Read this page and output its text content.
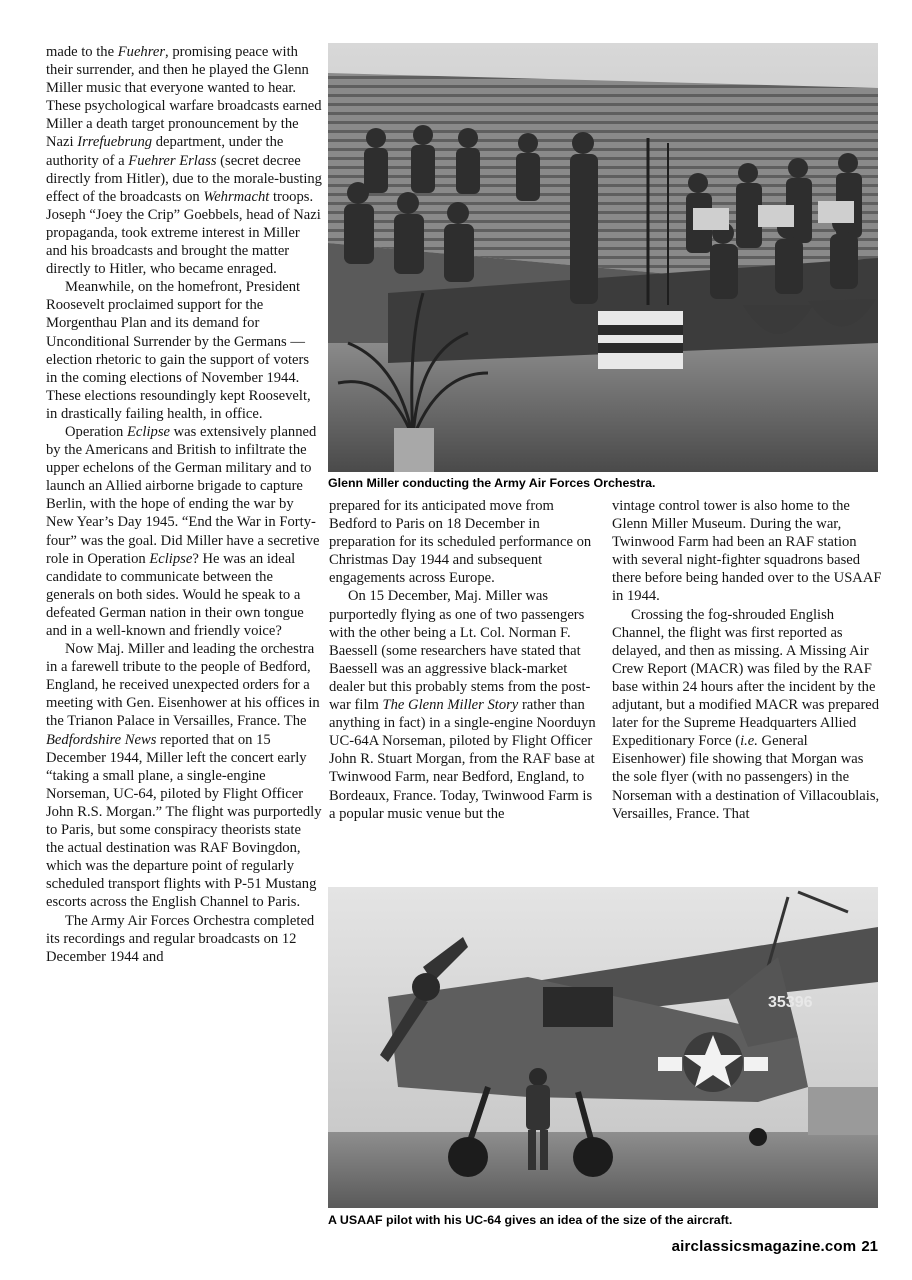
made to the Fuehrer, promising peace with their surrender, and then he played the Glenn Miller music that everyone wanted to hear. These psychological warfare broadcasts earned Miller a death target pronouncement by the Nazi Irrefuebrung department, under the authority of a Fuehrer Erlass (secret decree directly from Hitler), due to the morale-busting effect of the broadcasts on Wehrmacht troops. Joseph “Joey the Crip” Goebbels, head of Nazi propaganda, took extreme interest in Miller and his broadcasts and brought the matter directly to Hitler, who became enraged.

Meanwhile, on the homefront, President Roosevelt proclaimed support for the Morgenthau Plan and its demand for Unconditional Surrender by the Germans — election rhetoric to gain the support of voters in the coming elections of November 1944. These elections resoundingly kept Roosevelt, in drastically failing health, in office.

Operation Eclipse was extensively planned by the Americans and British to infiltrate the upper echelons of the German military and to launch an Allied airborne brigade to capture Berlin, with the hope of ending the war by New Year’s Day 1945. “End the War in Forty-four” was the goal. Did Miller have a secretive role in Operation Eclipse? He was an ideal candidate to communicate between the generals on both sides. Would he speak to a defeated German nation in their own tongue and in a well-known and friendly voice?

Now Maj. Miller and leading the orchestra in a farewell tribute to the people of Bedford, England, he received unexpected orders for a meeting with Gen. Eisenhower at his offices in the Trianon Palace in Versailles, France. The Bedfordshire News reported that on 15 December 1944, Miller left the concert early “taking a small plane, a single-engine Norseman, UC-64, piloted by Flight Officer John R.S. Morgan.” The flight was purportedly to Paris, but some conspiracy theorists state the actual destination was RAF Bovingdon, which was the departure point of regularly scheduled transport flights with P-51 Mustang escorts across the English Channel to Paris.

The Army Air Forces Orchestra completed its recordings and regular broadcasts on 12 December 1944 and

Glenn Miller conducting the Army Air Forces Orchestra.

prepared for its anticipated move from Bedford to Paris on 18 December in preparation for its scheduled performance on Christmas Day 1944 and subsequent engagements across Europe.

On 15 December, Maj. Miller was purportedly flying as one of two passengers with the other being a Lt. Col. Norman F. Baessell (some researchers have stated that Baessell was an aggressive black-market dealer but this probably stems from the post-war film The Glenn Miller Story rather than anything in fact) in a single-engine Noorduyn UC-64A Norseman, piloted by Flight Officer John R. Stuart Morgan, from the RAF base at Twinwood Farm, near Bedford, England, to Bordeaux, France. Today, Twinwood Farm is a popular music venue but the

vintage control tower is also home to the Glenn Miller Museum. During the war, Twinwood Farm had been an RAF station with several night-fighter squadrons based there before being handed over to the USAAF in 1944.

Crossing the fog-shrouded English Channel, the flight was first reported as delayed, and then as missing. A Missing Air Crew Report (MACR) was filed by the RAF base within 24 hours after the incident by the adjutant, but a modified MACR was prepared later for the Supreme Headquarters Allied Expeditionary Force (i.e. General Eisenhower) file showing that Morgan was the sole flyer (with no passengers) in the Norseman with a destination of Villacoublais, Versailles, France. That

35396
A USAAF pilot with his UC-64 gives an idea of the size of the aircraft.
airclassicsmagazine.com 21
